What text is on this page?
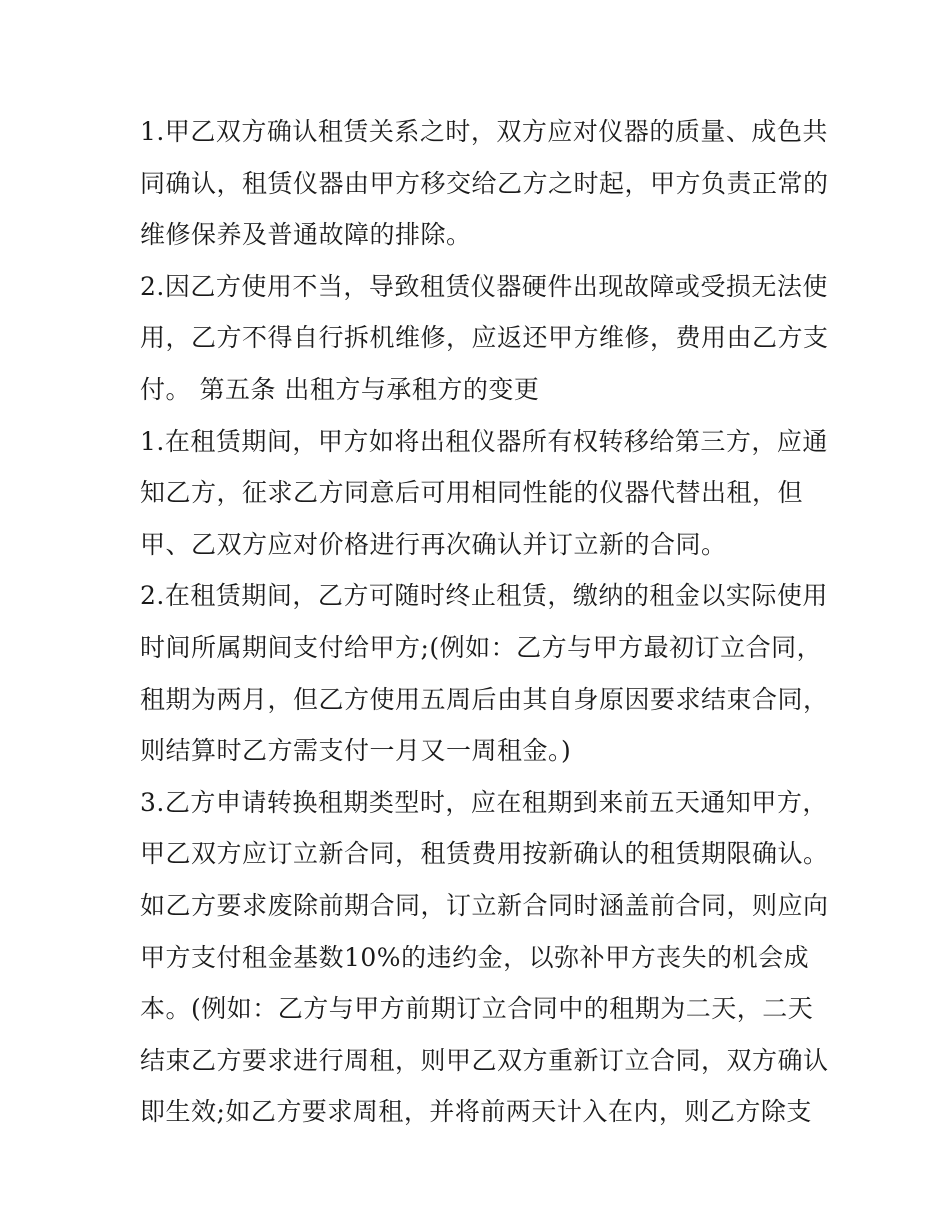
1.甲乙双方确认租赁关系之时，双方应对仪器的质量、成色共
同确认，租赁仪器由甲方移交给乙方之时起，甲方负责正常的
维修保养及普通故障的排除。
2.因乙方使用不当，导致租赁仪器硬件出现故障或受损无法使
用，乙方不得自行拆机维修，应返还甲方维修，费用由乙方支
付。 第五条 出租方与承租方的变更
1.在租赁期间，甲方如将出租仪器所有权转移给第三方，应通
知乙方，征求乙方同意后可用相同性能的仪器代替出租，但
甲、乙双方应对价格进行再次确认并订立新的合同。
2.在租赁期间，乙方可随时终止租赁，缴纳的租金以实际使用
时间所属期间支付给甲方;(例如：乙方与甲方最初订立合同，
租期为两月，但乙方使用五周后由其自身原因要求结束合同，
则结算时乙方需支付一月又一周租金。)
3.乙方申请转换租期类型时，应在租期到来前五天通知甲方，
甲乙双方应订立新合同，租赁费用按新确认的租赁期限确认。
如乙方要求废除前期合同，订立新合同时涵盖前合同，则应向
甲方支付租金基数10%的违约金，以弥补甲方丧失的机会成
本。(例如：乙方与甲方前期订立合同中的租期为二天，二天
结束乙方要求进行周租，则甲乙双方重新订立合同，双方确认
即生效;如乙方要求周租，并将前两天计入在内，则乙方除支
